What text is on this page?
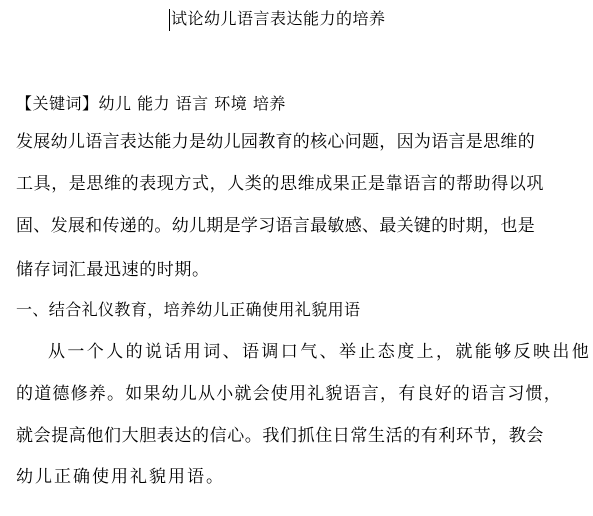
试论幼儿语言表达能力的培养
【关键词】幼儿 能力 语言 环境 培养
发展幼儿语言表达能力是幼儿园教育的核心问题，因为语言是思维的
工具，是思维的表现方式，人类的思维成果正是靠语言的帮助得以巩
固、发展和传递的。幼儿期是学习语言最敏感、最关键的时期，也是
储存词汇最迅速的时期。
一、结合礼仪教育，培养幼儿正确使用礼貌用语
从一个人的说话用词、语调口气、举止态度上，就能够反映出他
的道德修养。如果幼儿从小就会使用礼貌语言，有良好的语言习惯，
就会提高他们大胆表达的信心。我们抓住日常生活的有利环节，教会
幼儿正确使用礼貌用语。
